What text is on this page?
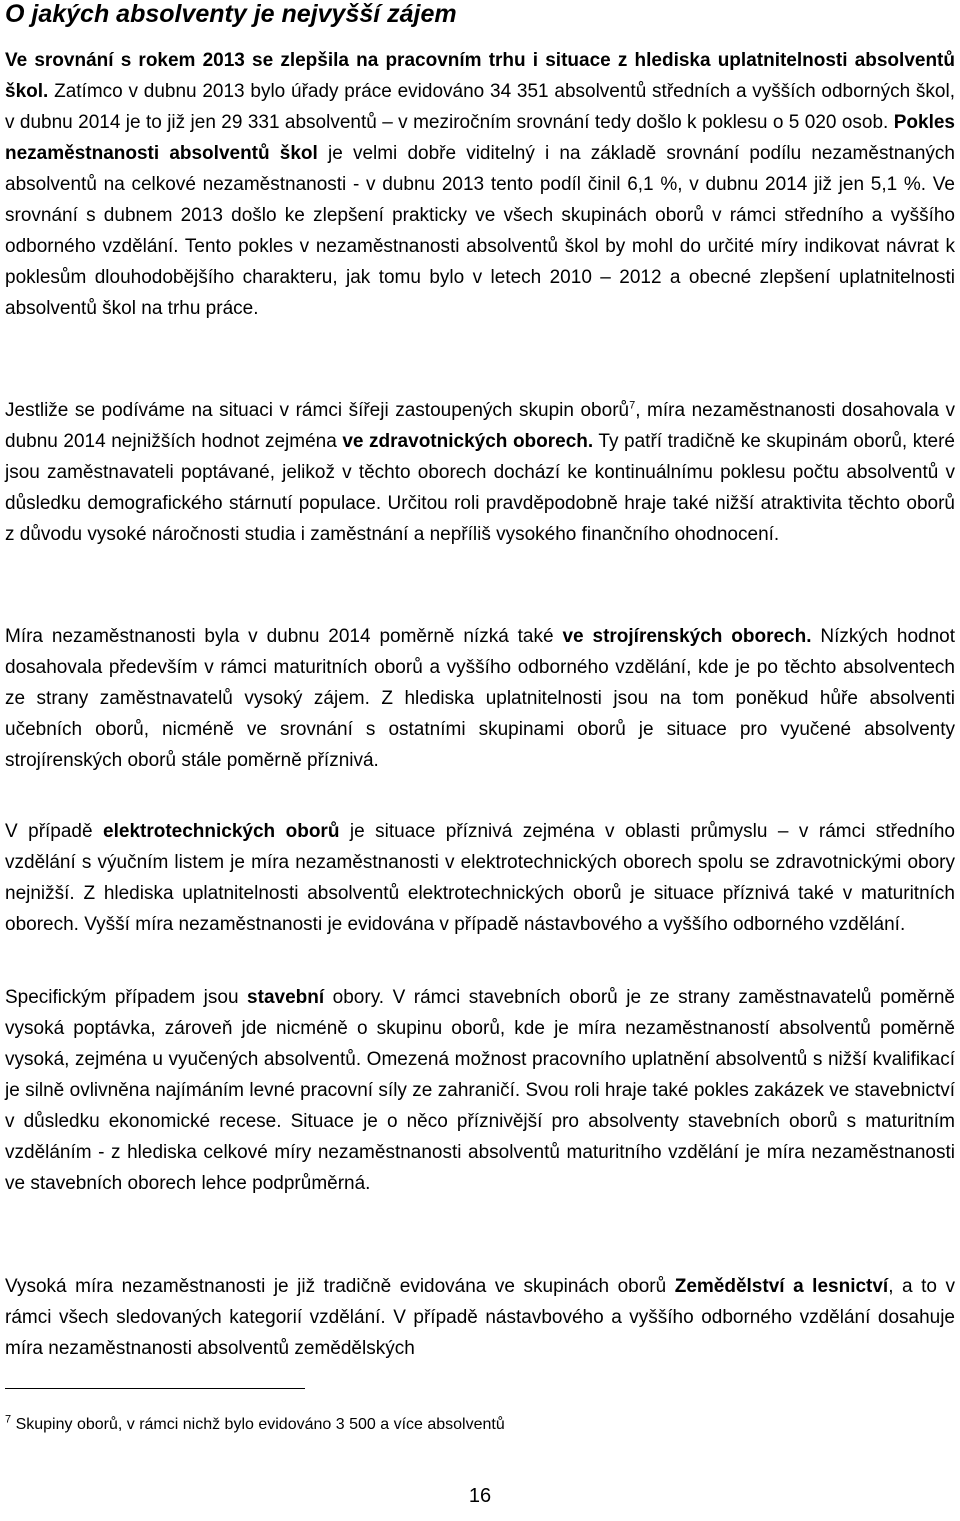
O jakých absolventy je nejvyšší zájem

Ve srovnání s rokem 2013 se zlepšila na pracovním trhu i situace z hlediska uplatnitelnosti absolventů škol. Zatímco v dubnu 2013 bylo úřady práce evidováno 34 351 absolventů středních a vyšších odborných škol, v dubnu 2014 je to již jen 29 331 absolventů – v meziročním srovnání tedy došlo k poklesu o 5 020 osob. Pokles nezaměstnanosti absolventů škol je velmi dobře viditelný i na základě srovnání podílu nezaměstnaných absolventů na celkové nezaměstnanosti - v dubnu 2013 tento podíl činil 6,1 %, v dubnu 2014 již jen 5,1 %. Ve srovnání s dubnem 2013 došlo ke zlepšení prakticky ve všech skupinách oborů v rámci středního a vyššího odborného vzdělání. Tento pokles v nezaměstnanosti absolventů škol by mohl do určité míry indikovat návrat k poklesům dlouhodobějšího charakteru, jak tomu bylo v letech 2010 – 2012 a obecné zlepšení uplatnitelnosti absolventů škol na trhu práce.

Jestliže se podíváme na situaci v rámci šířeji zastoupených skupin oborů$^7$, míra nezaměstnanosti dosahovala v dubnu 2014 nejnižších hodnot zejména ve zdravotnických oborech. Ty patří tradičně ke skupinám oborů, které jsou zaměstnavateli poptávané, jelikož v těchto oborech dochází ke kontinuálnímu poklesu počtu absolventů v důsledku demografického stárnutí populace. Určitou roli pravděpodobně hraje také nižší atraktivita těchto oborů z důvodu vysoké náročnosti studia i zaměstnání a nepříliš vysokého finančního ohodnocení.

Míra nezaměstnanosti byla v dubnu 2014 poměrně nízká také ve strojírenských oborech. Nízkých hodnot dosahovala především v rámci maturitních oborů a vyššího odborného vzdělání, kde je po těchto absolventech ze strany zaměstnavatelů vysoký zájem. Z hlediska uplatnitelnosti jsou na tom poněkud hůře absolventi učebních oborů, nicméně ve srovnání s ostatními skupinami oborů je situace pro vyučené absolventy strojírenských oborů stále poměrně příznivá.

V případě elektrotechnických oborů je situace příznivá zejména v oblasti průmyslu – v rámci středního vzdělání s výučním listem je míra nezaměstnanosti v elektrotechnických oborech spolu se zdravotnickými obory nejnižší. Z hlediska uplatnitelnosti absolventů elektrotechnických oborů je situace příznivá také v maturitních oborech. Vyšší míra nezaměstnanosti je evidována v případě nástavbového a vyššího odborného vzdělání.

Specifickým případem jsou stavební obory. V rámci stavebních oborů je ze strany zaměstnavatelů poměrně vysoká poptávka, zároveň jde nicméně o skupinu oborů, kde je míra nezaměstnaností absolventů poměrně vysoká, zejména u vyučených absolventů. Omezená možnost pracovního uplatnění absolventů s nižší kvalifikací je silně ovlivněna najímáním levné pracovní síly ze zahraničí. Svou roli hraje také pokles zakázek ve stavebnictví v důsledku ekonomické recese. Situace je o něco příznivější pro absolventy stavebních oborů s maturitním vzděláním - z hlediska celkové míry nezaměstnanosti absolventů maturitního vzdělání je míra nezaměstnanosti ve stavebních oborech lehce podprůměrná.

Vysoká míra nezaměstnanosti je již tradičně evidována ve skupinách oborů Zemědělství a lesnictví, a to v rámci všech sledovaných kategorií vzdělání. V případě nástavbového a vyššího odborného vzdělání dosahuje míra nezaměstnanosti absolventů zemědělských

$^7$ Skupiny oborů, v rámci nichž bylo evidováno 3 500 a více absolventů
16
